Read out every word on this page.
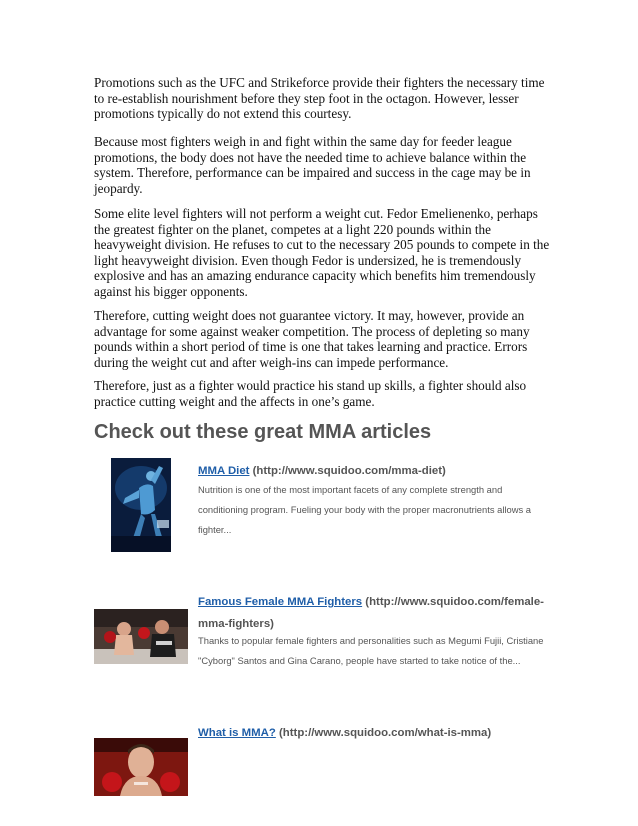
Promotions such as the UFC and Strikeforce provide their fighters the necessary time to re-establish nourishment before they step foot in the octagon. However, lesser promotions typically do not extend this courtesy.

Because most fighters weigh in and fight within the same day for feeder league promotions, the body does not have the needed time to achieve balance within the system. Therefore, performance can be impaired and success in the cage may be in jeopardy.

Some elite level fighters will not perform a weight cut. Fedor Emelienenko, perhaps the greatest fighter on the planet, competes at a light 220 pounds within the heavyweight division. He refuses to cut to the necessary 205 pounds to compete in the light heavyweight division. Even though Fedor is undersized, he is tremendously explosive and has an amazing endurance capacity which benefits him tremendously against his bigger opponents.

Therefore, cutting weight does not guarantee victory. It may, however, provide an advantage for some against weaker competition. The process of depleting so many pounds within a short period of time is one that takes learning and practice. Errors during the weight cut and after weigh-ins can impede performance.

Therefore, just as a fighter would practice his stand up skills, a fighter should also practice cutting weight and the affects in one’s game.

Check out these great MMA articles

MMA Diet (http://www.squidoo.com/mma-diet)

Nutrition is one of the most important facets of any complete strength and conditioning program. Fueling your body with the proper macronutrients allows a fighter...

Famous Female MMA Fighters (http://www.squidoo.com/female-mma-fighters)

Thanks to popular female fighters and personalities such as Megumi Fujii, Cristiane "Cyborg" Santos and Gina Carano, people have started to take notice of the...

What is MMA? (http://www.squidoo.com/what-is-mma)
